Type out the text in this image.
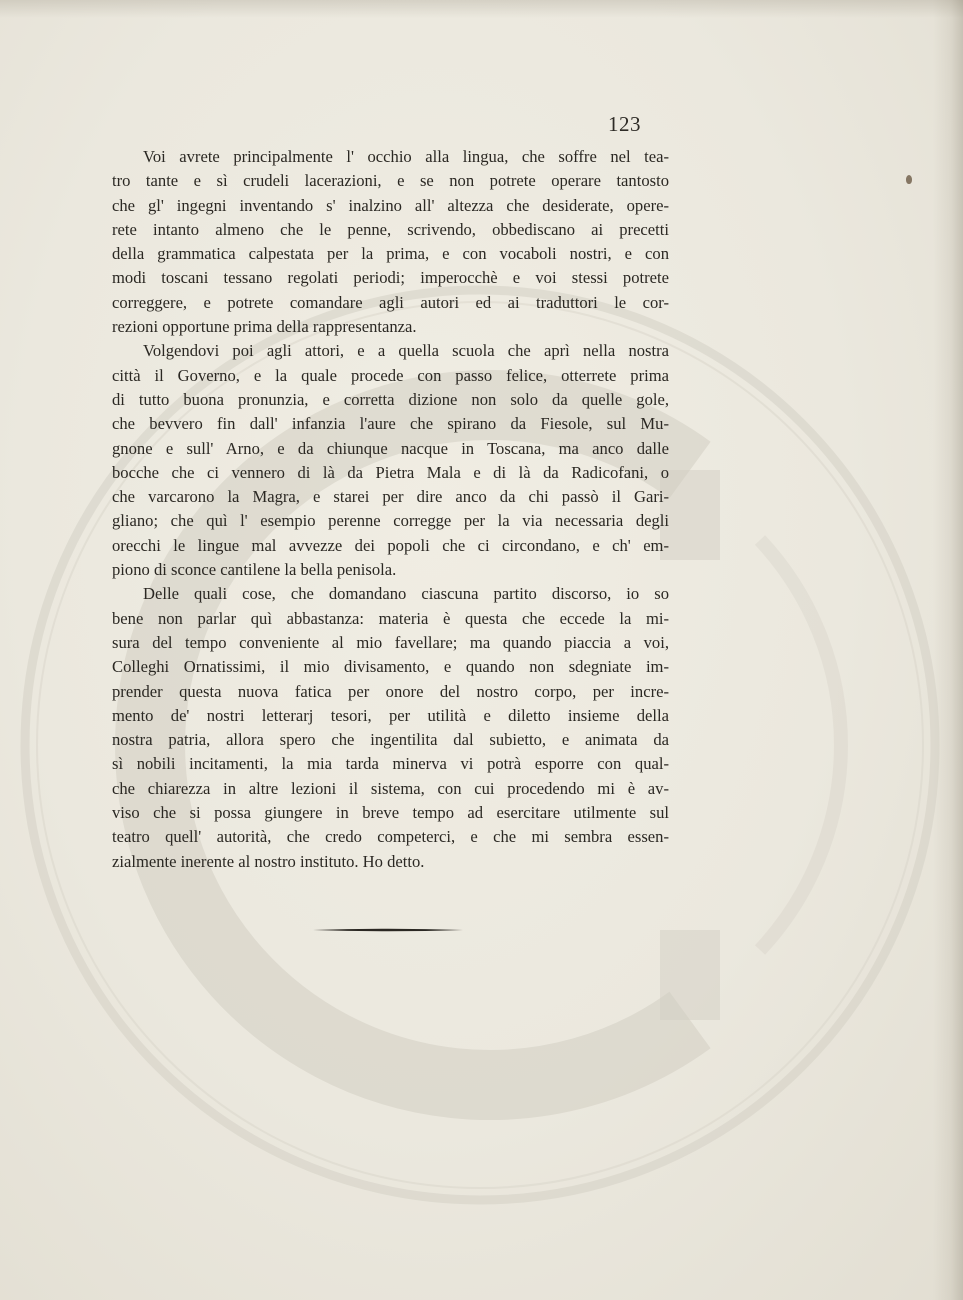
123

Voi avrete principalmente l' occhio alla lingua, che soffre nel tea-
tro tante e sì crudeli lacerazioni, e se non potrete operare tantosto
che gl' ingegni inventando s' inalzino all' altezza che desiderate, opere-
rete intanto almeno che le penne, scrivendo, obbediscano ai precetti
della grammatica calpestata per la prima, e con vocaboli nostri, e con
modi toscani tessano regolati periodi; imperocchè e voi stessi potrete
correggere, e potrete comandare agli autori ed ai traduttori le cor-
rezioni opportune prima della rappresentanza.

Volgendovi poi agli attori, e a quella scuola che aprì nella nostra
città il Governo, e la quale procede con passo felice, otterrete prima
di tutto buona pronunzia, e corretta dizione non solo da quelle gole,
che bevvero fin dall' infanzia l'aure che spirano da Fiesole, sul Mu-
gnone e sull' Arno, e da chiunque nacque in Toscana, ma anco dalle
bocche che ci vennero di là da Pietra Mala e di là da Radicofani, o
che varcarono la Magra, e starei per dire anco da chi passò il Gari-
gliano; che quì l' esempio perenne corregge per la via necessaria degli
orecchi le lingue mal avvezze dei popoli che ci circondano, e ch' em-
piono di sconce cantilene la bella penisola.

Delle quali cose, che domandano ciascuna partito discorso, io so
bene non parlar quì abbastanza: materia è questa che eccede la mi-
sura del tempo conveniente al mio favellare; ma quando piaccia a voi,
Colleghi Ornatissimi, il mio divisamento, e quando non sdegniate im-
prender questa nuova fatica per onore del nostro corpo, per incre-
mento de' nostri letterarj tesori, per utilità e diletto insieme della
nostra patria, allora spero che ingentilita dal subietto, e animata da
sì nobili incitamenti, la mia tarda minerva vi potrà esporre con qual-
che chiarezza in altre lezioni il sistema, con cui procedendo mi è av-
viso che si possa giungere in breve tempo ad esercitare utilmente sul
teatro quell' autorità, che credo competerci, e che mi sembra essen-
zialmente inerente al nostro instituto. Ho detto.
